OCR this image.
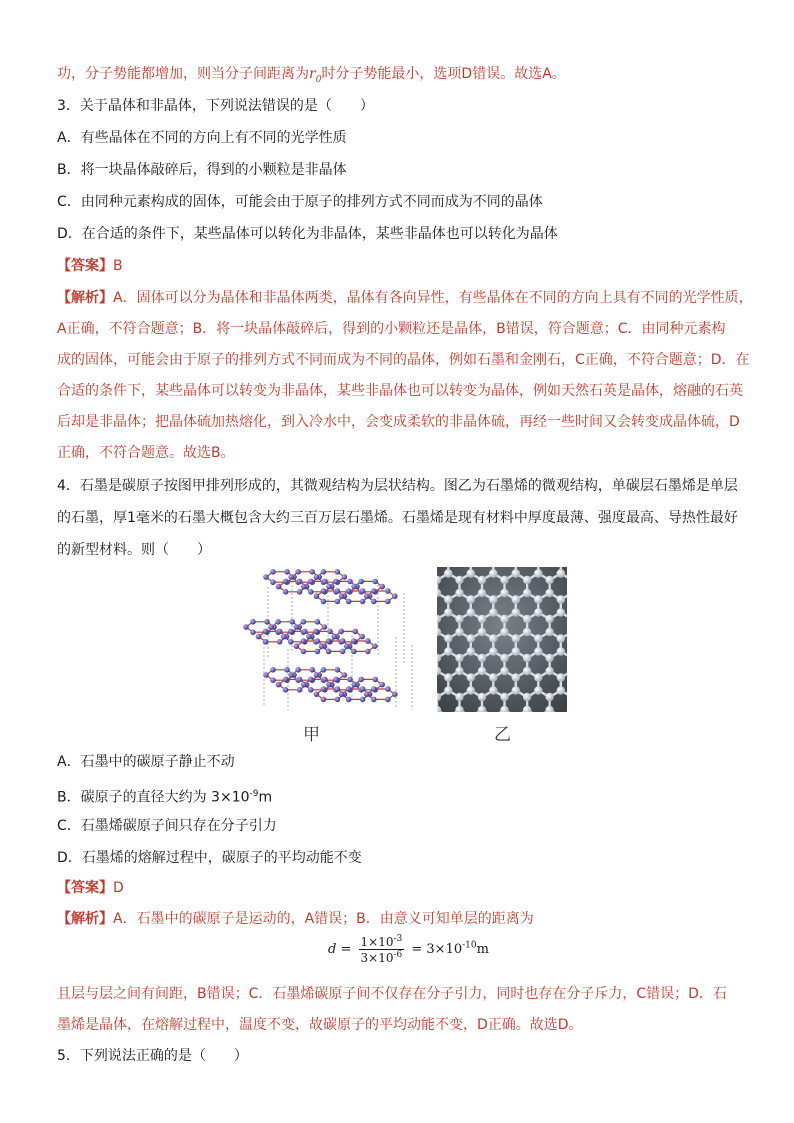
功，分子势能都增加，则当分子间距离为$r_0$时分子势能最小，选项D错误。故选A。
3．关于晶体和非晶体，下列说法错误的是（　　）
A．有些晶体在不同的方向上有不同的光学性质
B．将一块晶体敲碎后，得到的小颗粒是非晶体
C．由同种元素构成的固体，可能会由于原子的排列方式不同而成为不同的晶体
D．在合适的条件下，某些晶体可以转化为非晶体，某些非晶体也可以转化为晶体
【答案】B
【解析】A．固体可以分为晶体和非晶体两类，晶体有各向异性，有些晶体在不同的方向上具有不同的光学性质，
A正确，不符合题意；B．将一块晶体敲碎后，得到的小颗粒还是晶体，B错误，符合题意；C．由同种元素构
成的固体，可能会由于原子的排列方式不同而成为不同的晶体，例如石墨和金刚石，C正确，不符合题意；D．在
合适的条件下，某些晶体可以转变为非晶体，某些非晶体也可以转变为晶体，例如天然石英是晶体，熔融的石英
后却是非晶体；把晶体硫加热熔化，到入冷水中，会变成柔软的非晶体硫，再经一些时间又会转变成晶体硫，D
正确，不符合题意。故选B。
4．石墨是碳原子按图甲排列形成的，其微观结构为层状结构。图乙为石墨烯的微观结构，单碳层石墨烯是单层
的石墨，厚1毫米的石墨大概包含大约三百万层石墨烯。石墨烯是现有材料中厚度最薄、强度最高、导热性最好
的新型材料。则（　　）
甲	乙
A．石墨中的碳原子静止不动
B．碳原子的直径大约为 $3\times 10^{-9}m$
C．石墨烯碳原子间只存在分子引力
D．石墨烯的熔解过程中，碳原子的平均动能不变
【答案】D
【解析】A．石墨中的碳原子是运动的，A错误；B．由意义可知单层的距离为
$d = \frac{1\times 10^{-3}}{3\times 10^{-6}} = 3\times 10^{-10}m$
且层与层之间有间距，B错误；C．石墨烯碳原子间不仅存在分子引力，同时也存在分子斥力，C错误；D．石
墨烯是晶体，在熔解过程中，温度不变，故碳原子的平均动能不变，D正确。故选D。
5．下列说法正确的是（　　）
